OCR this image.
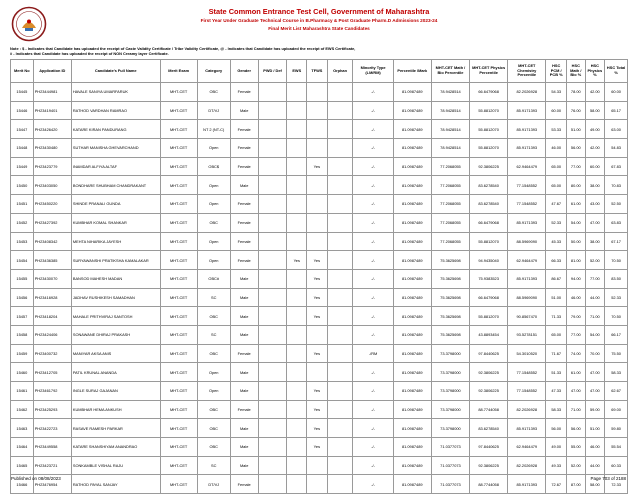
State Common Entrance Test Cell, Government of Maharashtra
First Year Under Graduate Technical Course in B.Pharmacy & Post Graduate Pharm.D Admissions 2023-24
Final Merit List Maharashtra State Candidates
Note : $ - Indicates that Candidate has uploaded the receipt of Caste Validity Certificate / Tribe Validity Certificate, @ - Indicates that Candidate has uploaded the receipt of EWS Certificate,
# - Indicates that Candidate has uploaded the receipt of NON Creamy layer Certificate.
Merit No	Application ID	Candidate's Full Name	Merit Exam	Category	Gender	PWD / Def	EWS	TFWS	Orphan	Minority Type (LM/RM)	Percentile /Mark	MHT-CET Math / Bio Percentile	MHT-CET Physics Percentile	MHT-CET Chemistry Percentile	HSC PCM / PCB %	HSC Math / Bio %	HSC Physics %	HSC Total %
15445	PH23444981	HAVALE SANIYA UMARFARUK	MHT-CET	OBC	Female					-/-	81.0987489	78.9428514	66.6479068	82.2026928	54.33	78.00	42.00	60.00
15446	PH23419401	RATHOD VARDHAN RAMRAO	MHT-CET	DT/VJ	Male					-/-	81.0987489	78.9428514	55.8812070	85.9171393	60.00	76.00	58.00	65.17
15447	PH23426420	KATARE KIRAN PANDURANG	MHT-CET	NT 2 (NT-C)	Female					-/-	81.0987489	78.9428514	55.8812070	85.9171393	53.33	51.00	49.00	63.00
15448	PH23430480	SUTHAR MANISHA GHEVARCHAND	MHT-CET	Open	Female					-/-	81.0987489	78.9428514	55.8812070	85.9171393	46.00	56.00	42.00	54.83
15449	PH23423779	INAMDAR ALFIYA ALTAF	MHT-CET	OBC$	Female			Yes		-/-	81.0987489	77.2068055	92.3806225	62.9464479	65.00	77.00	60.00	67.83
15450	PH23403050	BONDHARE SHUBHAM CHANDRAKANT	MHT-CET	Open	Male					-/-	81.0987489	77.2068055	83.6278540	77.1548552	65.00	80.00	38.00	70.83
15451	PH23450220	SHINDE PRANALI GUNDA	MHT-CET	Open	Female					-/-	81.0987489	77.2068055	83.6278540	77.1548552	47.67	61.00	43.00	52.50
15452	PH23427392	KUMBHAR KOMAL SHANKAR	MHT-CET	OBC	Female					-/-	81.0987489	77.2068055	66.6479068	85.9171393	52.33	54.00	47.00	63.83
15453	PH23408342	MEHTA NIHARIKA JAYESH	MHT-CET	Open	Female					-/-	81.0987489	77.2068055	55.8812070	88.5969090	45.33	50.00	38.00	67.17
15454	PH23436385	SURYAWANSHI PRATIKSHA KAMALAKAR	MHT-CET	Open	Female		Yes	Yes		-/-	81.0987489	75.3625698	94.9435040	62.9464479	66.33	81.00	52.00	70.50
15455	PH23430070	BANSOD MAHESH MADAN	MHT-CET	OBC#	Male			Yes		-/-	81.0987489	75.3625698	75.9383523	85.9171393	86.67	94.00	77.00	83.50
15456	PH23416928	JADHAV RUSHIKESH SAMADHAN	MHT-CET	SC	Male			Yes		-/-	81.0987489	75.3625698	66.6479068	88.5969090	51.00	46.00	44.00	52.33
15457	PH23418204	MAHALE PRITHVIRAJ SANTOSH	MHT-CET	OBC	Male			Yes		-/-	81.0987489	75.3625698	55.8812070	90.8567470	71.33	79.00	71.00	70.50
15458	PH23424406	SONAWANE DHIRAJ PRAKASH	MHT-CET	SC	Male					-/-	81.0987489	75.3625698	43.8893454	93.5278151	65.00	77.00	54.00	66.17
15459	PH23400732	MANIYAR AKSA ANIS	MHT-CET	OBC	Female			Yes		-/RM	81.0987489	73.3798000	97.8440625	54.3010520	71.67	74.00	70.00	75.50
15460	PH23412705	PATIL KRUNAL ANANDA	MHT-CET	Open	Male					-/-	81.0987489	73.3798000	92.3806225	77.1548552	51.33	61.00	47.00	58.33
15461	PH23461792	INGLE SURAJ GAJANAN	MHT-CET	Open	Male			Yes		-/-	81.0987489	73.3798000	92.3806225	77.1548552	47.33	47.00	47.00	62.67
15462	PH23425293	KUMBHAR HEMA ANKUSH	MHT-CET	OBC	Female			Yes		-/-	81.0987489	73.3798000	88.7744058	82.2026928	58.33	71.00	59.00	69.00
15463	PH23422723	RASAVE RAMESH PARKAR	MHT-CET	OBC	Male			Yes		-/-	81.0987489	73.3798000	83.6278540	85.9171393	56.00	56.00	51.00	59.80
15464	PH23449558	KATARE SHANSHIYAM ANANDRAO	MHT-CET	OBC	Male			Yes		-/-	81.0987489	71.0377073	97.8440625	62.9464479	49.00	55.00	46.00	55.54
15465	PH23423721	SONKAMBLE VISHAL RAJU	MHT-CET	SC	Male					-/-	81.0987489	71.0377073	92.3806225	82.2026928	49.33	52.00	44.00	60.33
15466	PH23476954	RATHOD PAYAL SANJAY	MHT-CET	DT/VJ	Female					-/-	81.0987489	71.0377073	88.7744058	85.9171393	72.67	87.00	58.00	72.33
Published on 08/08/2023	Page 703 of 2188
